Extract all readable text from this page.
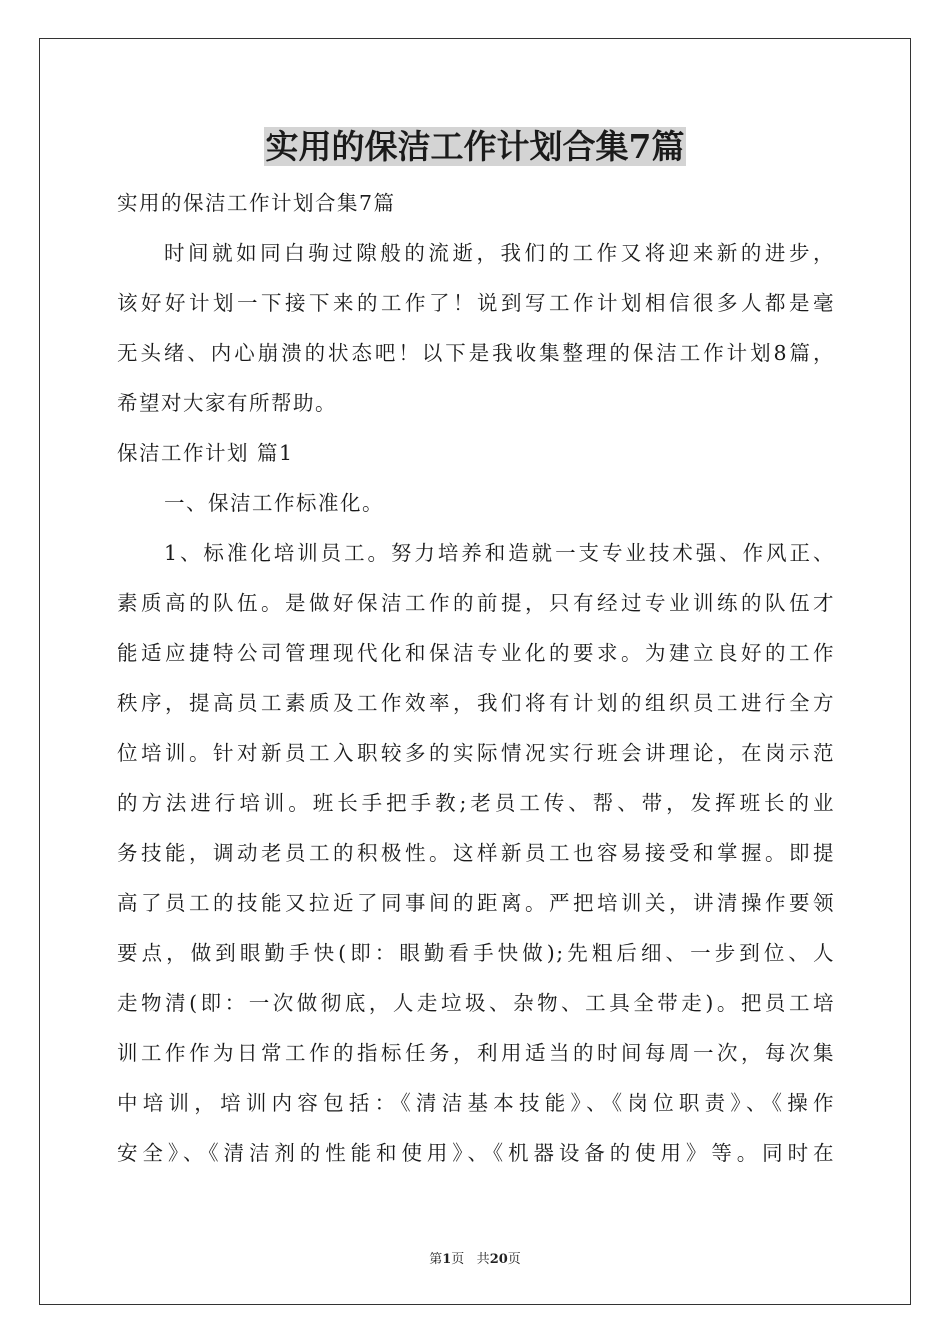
实用的保洁工作计划合集7篇
实用的保洁工作计划合集7篇
时间就如同白驹过隙般的流逝，我们的工作又将迎来新的进步，
该好好计划一下接下来的工作了！说到写工作计划相信很多人都是毫
无头绪、内心崩溃的状态吧！以下是我收集整理的保洁工作计划8篇，
希望对大家有所帮助。
保洁工作计划 篇1
一、保洁工作标准化。
1、标准化培训员工。努力培养和造就一支专业技术强、作风正、
素质高的队伍。是做好保洁工作的前提，只有经过专业训练的队伍才
能适应捷特公司管理现代化和保洁专业化的要求。为建立良好的工作
秩序，提高员工素质及工作效率，我们将有计划的组织员工进行全方
位培训。针对新员工入职较多的实际情况实行班会讲理论，在岗示范
的方法进行培训。班长手把手教;老员工传、帮、带，发挥班长的业
务技能，调动老员工的积极性。这样新员工也容易接受和掌握。即提
高了员工的技能又拉近了同事间的距离。严把培训关，讲清操作要领
要点，做到眼勤手快(即：眼勤看手快做);先粗后细、一步到位、人
走物清(即：一次做彻底，人走垃圾、杂物、工具全带走)。把员工培
训工作作为日常工作的指标任务，利用适当的时间每周一次，每次集
中培训，培训内容包括：《清洁基本技能》、《岗位职责》、《操作
安全》、《清洁剂的性能和使用》、《机器设备的使用》等。同时在
第1页 共20页
